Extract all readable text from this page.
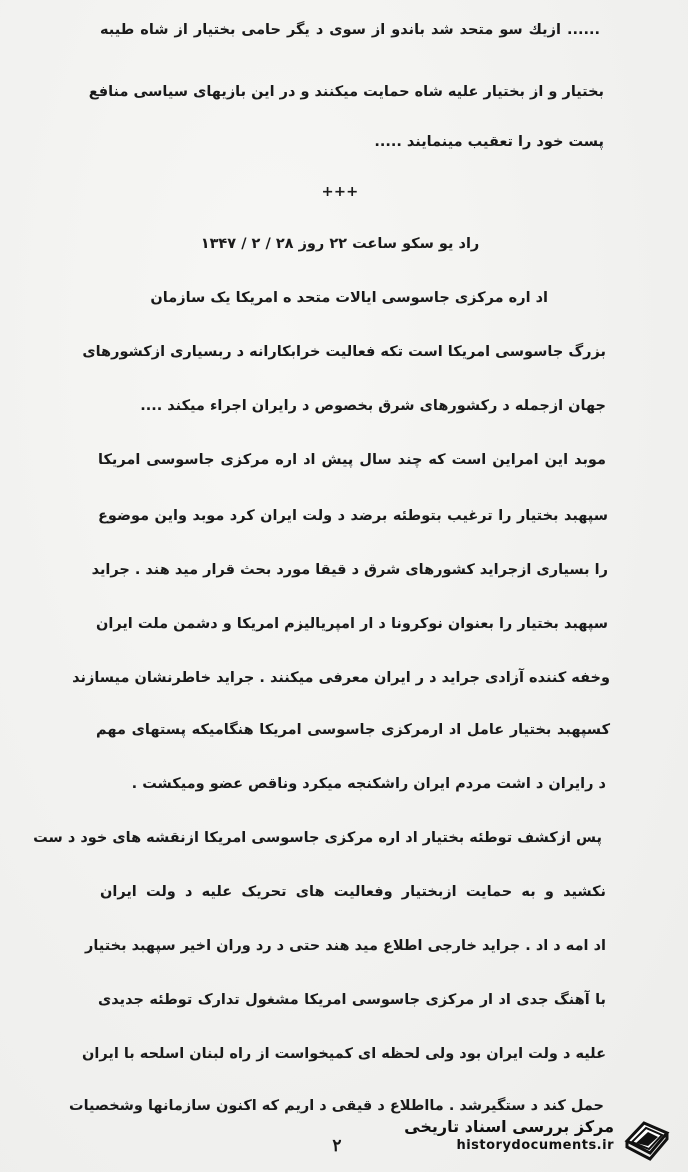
...... ازيك سو متحد شد باندو از سوی د يگر حامی بختيار از شاه طيبه
بختيار و از بختيار عليه شاه حمايت ميکنند و در اين بازيهای سياسی منافع
پست خود را تعقيب مينمايند .....
+++
راد يو سکو ساعت ۲۲ روز ۲۸ / ۲ / ۱۳۴۷
اد اره مرکزی جاسوسی ايالات متحد ه امريکا يک سازمان
بزرگ جاسوسی امريکا است تکه فعاليت خرابکارانه د ربسياری ازکشورهای
جهان ازجمله د رکشورهای شرق بخصوص د رايران اجراء ميکند ....
موبد اين امراين است که چند سال پيش اد اره مرکزی جاسوسی امريکا
سپهبد بختيار را ترغيب بتوطئه برضد د ولت ايران کرد موبد واين موضوع
را بسياری ازجرايد کشورهای شرق د قيقا مورد بحث قرار مید هند . جرايد
سپهبد بختيار را بعنوان نوکرونا د ار امپرياليزم امريکا و دشمن ملت ايران
وخفه کننده آزادی جرايد د ر ايران معرفی ميکنند . جرايد خاطرنشان ميسازند
کسپهبد بختيار عامل اد ارمرکزی جاسوسی امريکا هنگاميکه پستهای مهم
د رايران د اشت مردم ايران راشکنجه ميکرد وناقص عضو وميکشت .
پس ازکشف توطئه بختيار اد اره مرکزی جاسوسی امريکا ازنقشه های خود د ست
نکشيد و به حمايت ازبختيار وفعاليت های تحريک عليه د ولت ايران
اد امه د اد . جرايد خارجی اطلاع مید هند حتی د رد وران اخير سپهبد بختيار
با آهنگ جدی اد ار مرکزی جاسوسی امريکا مشغول تدارک توطئه جديدی
عليه د ولت ايران بود ولی لحظه ای کميخواست از راه لبنان اسلحه با ايران
حمل کند د ستگيرشد . مااطلاع د قيقی د اريم که اکنون سازمانها وشخصيات
۲
مرکز بررسی اسناد تاریخی
historydocuments.ir
